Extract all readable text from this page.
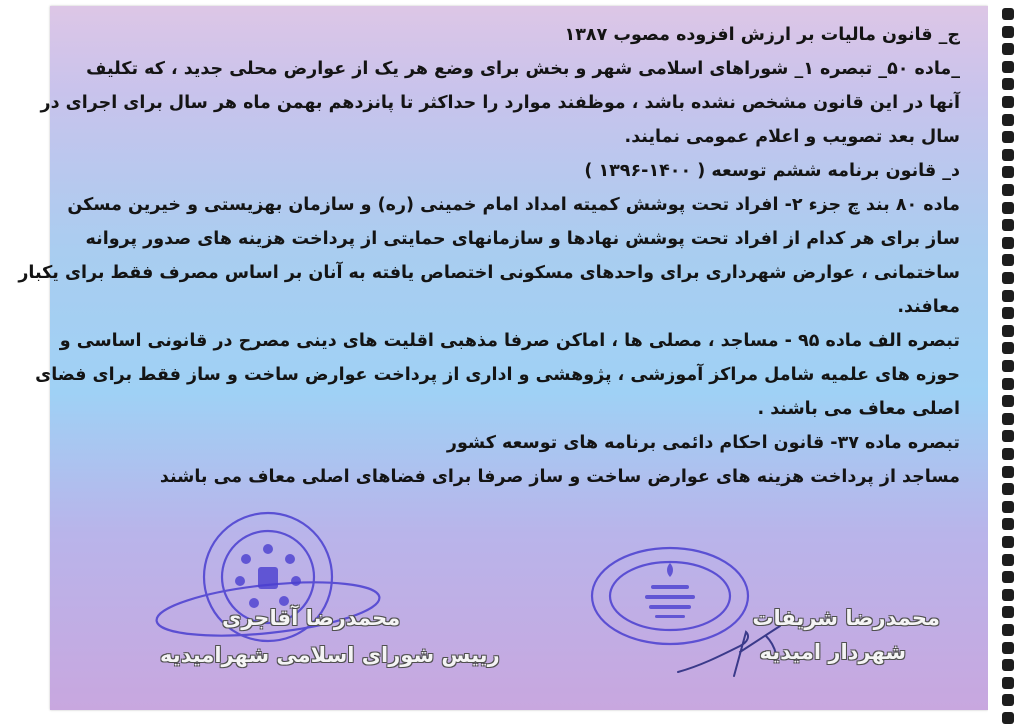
ج_ قانون مالیات بر ارزش افزوده مصوب ۱۳۸۷
_ماده ۵۰_ تبصره ۱_ شوراهای اسلامی شهر و بخش برای وضع هر یک از عوارض محلی جدید ، که تکلیف
آنها در این قانون مشخص نشده باشد ، موظفند موارد را حداکثر تا پانزدهم بهمن ماه هر سال برای اجرای در
سال بعد تصویب و اعلام عمومی نمایند.
د_ قانون برنامه ششم توسعه ( ۱۴۰۰-۱۳۹۶ )
ماده ۸۰ بند چ جزء ۲- افراد تحت پوشش کمیته امداد امام خمینی (ره) و سازمان بهزیستی و خیرین مسکن
ساز برای هر کدام از افراد تحت پوشش نهادها و سازمانهای حمایتی از پرداخت هزینه های صدور پروانه
ساختمانی ، عوارض شهرداری برای واحدهای مسکونی اختصاص یافته به آنان بر اساس مصرف فقط برای یکبار
معافند.
تبصره الف ماده ۹۵ - مساجد ، مصلی ها ، اماکن صرفا مذهبی اقلیت های دینی مصرح در قانونی اساسی و
حوزه های علمیه شامل مراکز آموزشی ، پژوهشی و اداری از پرداخت عوارض ساخت و ساز فقط برای فضای
اصلی معاف می باشند .
تبصره ماده ۳۷- قانون احکام دائمی برنامه های توسعه کشور
مساجد از پرداخت هزینه های عوارض ساخت و ساز صرفا برای فضاهای اصلی معاف می باشند
محمدرضا شریفات
شهردار امیدیه
محمدرضا آقاجری
رییس شورای اسلامی شهرامیدیه
